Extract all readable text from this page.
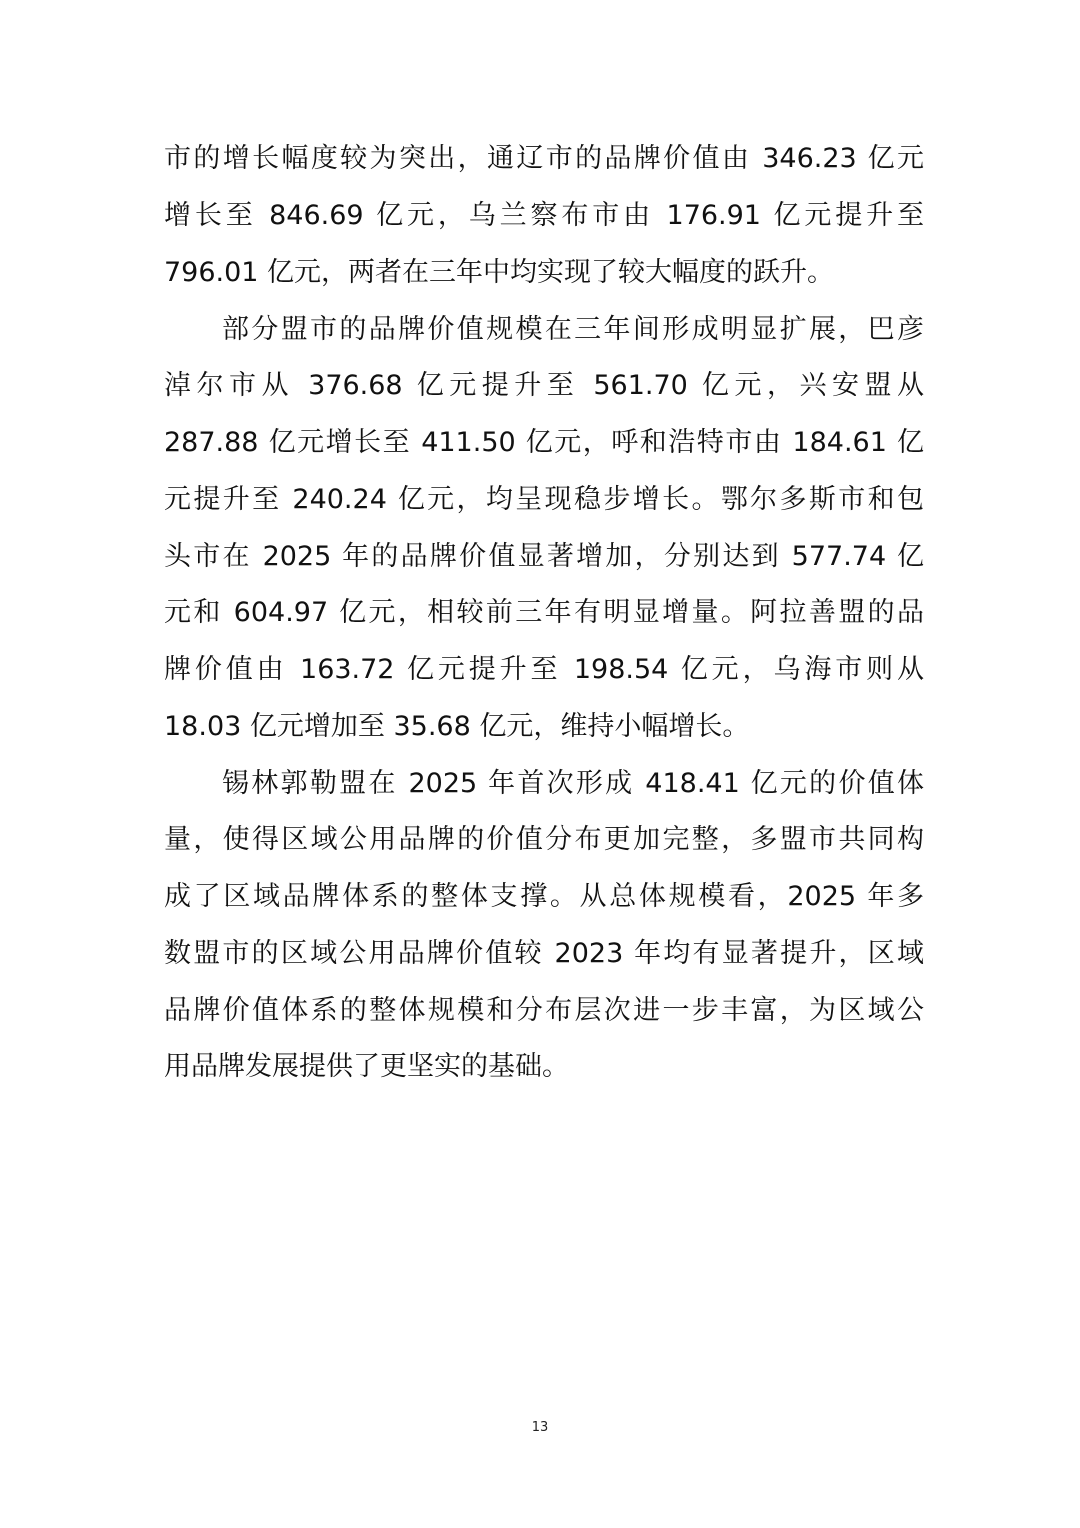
市的增长幅度较为突出，通辽市的品牌价值由 346.23 亿元
增长至 846.69 亿元，乌兰察布市由 176.91 亿元提升至
796.01 亿元，两者在三年中均实现了较大幅度的跃升。
部分盟市的品牌价值规模在三年间形成明显扩展，巴彦
淖尔市从 376.68 亿元提升至 561.70 亿元，兴安盟从
287.88 亿元增长至 411.50 亿元，呼和浩特市由 184.61 亿
元提升至 240.24 亿元，均呈现稳步增长。鄂尔多斯市和包
头市在 2025 年的品牌价值显著增加，分别达到 577.74 亿
元和 604.97 亿元，相较前三年有明显增量。阿拉善盟的品
牌价值由 163.72 亿元提升至 198.54 亿元，乌海市则从
18.03 亿元增加至 35.68 亿元，维持小幅增长。
锡林郭勒盟在 2025 年首次形成 418.41 亿元的价值体
量，使得区域公用品牌的价值分布更加完整，多盟市共同构
成了区域品牌体系的整体支撑。从总体规模看，2025 年多
数盟市的区域公用品牌价值较 2023 年均有显著提升，区域
品牌价值体系的整体规模和分布层次进一步丰富，为区域公
用品牌发展提供了更坚实的基础。
13
